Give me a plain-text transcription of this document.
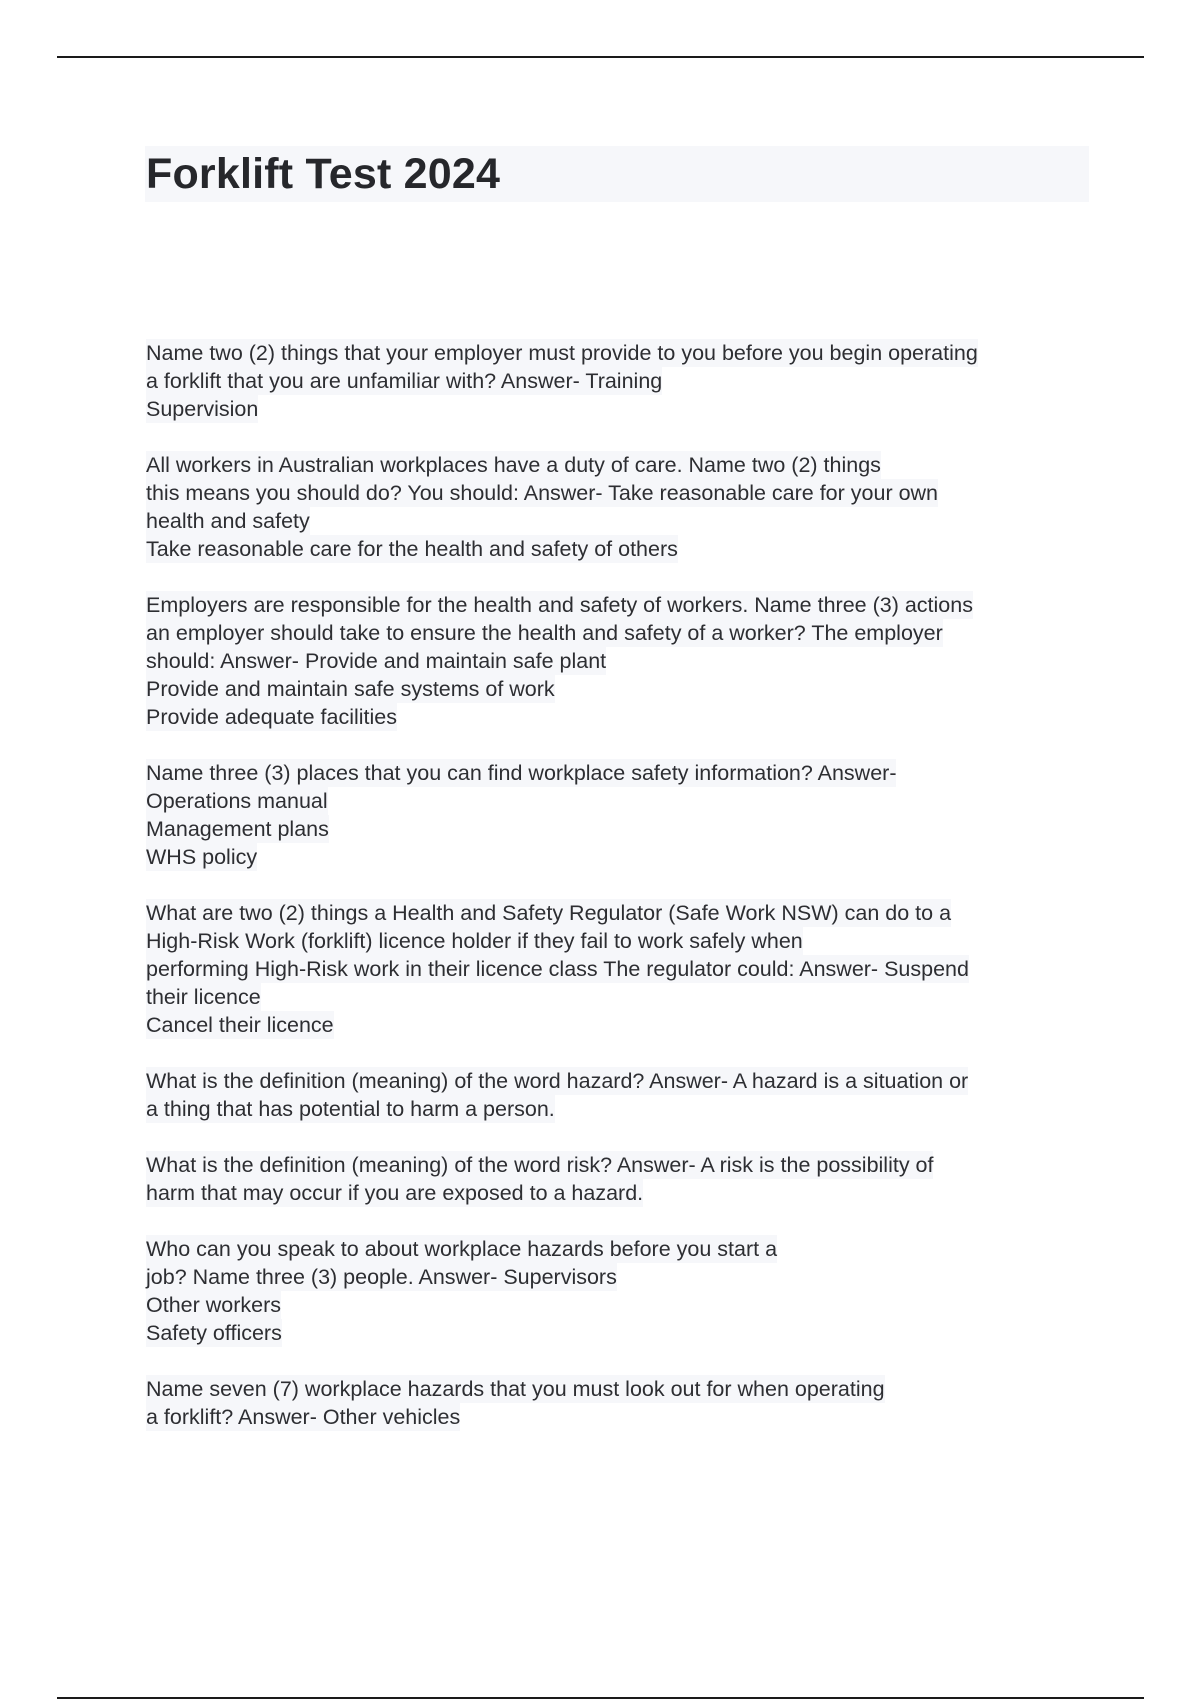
Forklift Test 2024
Name two (2) things that your employer must provide to you before you begin operating
a forklift that you are unfamiliar with? Answer- Training
Supervision
All workers in Australian workplaces have a duty of care. Name two (2) things
this means you should do? You should: Answer- Take reasonable care for your own
health and safety
Take reasonable care for the health and safety of others
Employers are responsible for the health and safety of workers. Name three (3) actions
an employer should take to ensure the health and safety of a worker? The employer
should: Answer- Provide and maintain safe plant
Provide and maintain safe systems of work
Provide adequate facilities
Name three (3) places that you can find workplace safety information? Answer-
Operations manual
Management plans
WHS policy
What are two (2) things a Health and Safety Regulator (Safe Work NSW) can do to a
High-Risk Work (forklift) licence holder if they fail to work safely when
performing High-Risk work in their licence class The regulator could: Answer- Suspend
their licence
Cancel their licence
What is the definition (meaning) of the word hazard? Answer- A hazard is a situation or
a thing that has potential to harm a person.
What is the definition (meaning) of the word risk? Answer- A risk is the possibility of
harm that may occur if you are exposed to a hazard.
Who can you speak to about workplace hazards before you start a
job? Name three (3) people. Answer- Supervisors
Other workers
Safety officers
Name seven (7) workplace hazards that you must look out for when operating
a forklift? Answer- Other vehicles
